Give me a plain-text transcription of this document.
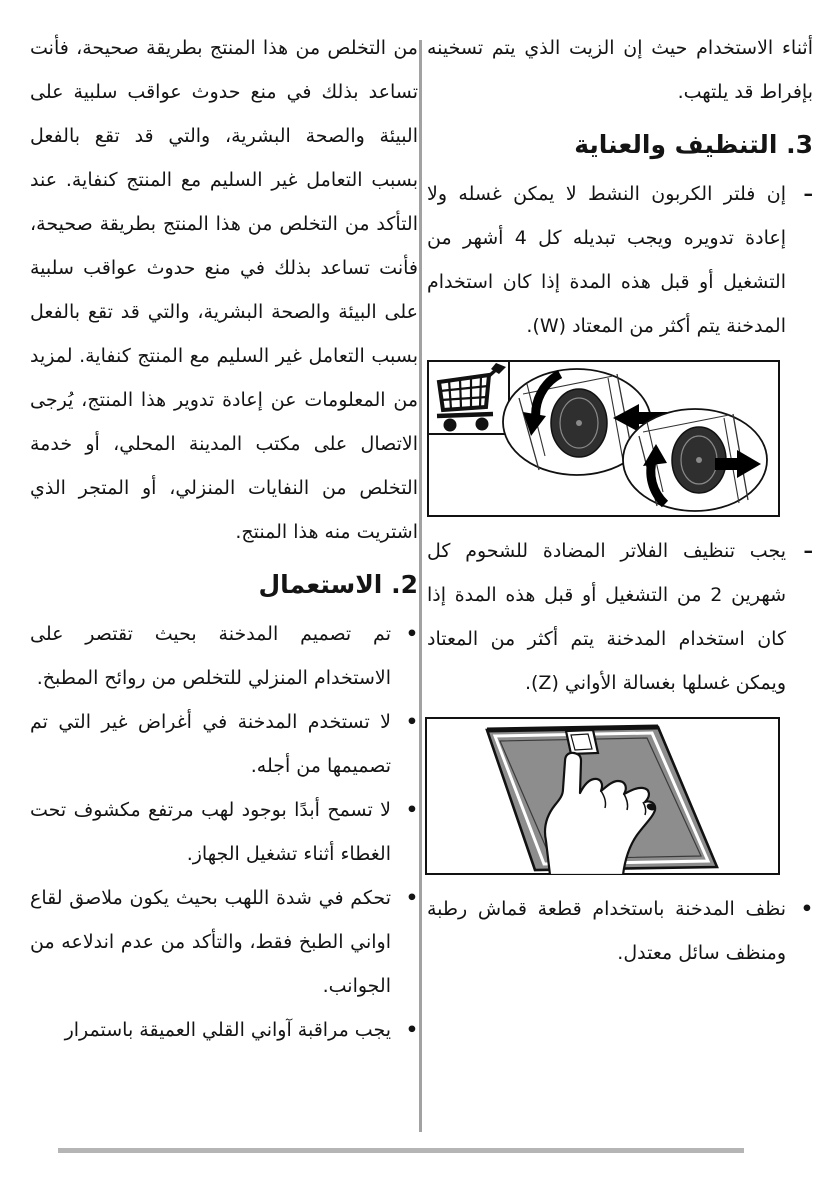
أثناء الاستخدام حيث إن الزيت الذي يتم تسخينه بإفراط قد يلتهب.

3. التنظيف والعناية
–
إن فلتر الكربون النشط لا يمكن غسله ولا إعادة تدويره ويجب تبديله كل 4 أشهر من التشغيل أو قبل هذه المدة إذا كان استخدام المدخنة يتم أكثر من المعتاد (W).
–
يجب تنظيف الفلاتر المضادة للشحوم كل شهرين 2 من التشغيل أو قبل هذه المدة إذا كان استخدام المدخنة يتم أكثر من المعتاد ويمكن غسلها بغسالة الأواني (Z).
•
نظف المدخنة باستخدام قطعة قماش رطبة ومنظف سائل معتدل.

من التخلص من هذا المنتج بطريقة صحيحة، فأنت تساعد بذلك في منع حدوث عواقب سلبية على البيئة والصحة البشرية، والتي قد تقع بالفعل بسبب التعامل غير السليم مع المنتج كنفاية. عند التأكد من التخلص من هذا المنتج بطريقة صحيحة، فأنت تساعد بذلك في منع حدوث عواقب سلبية على البيئة والصحة البشرية، والتي قد تقع بالفعل بسبب التعامل غير السليم مع المنتج كنفاية. لمزيد من المعلومات عن إعادة تدوير هذا المنتج، يُرجى الاتصال على مكتب المدينة المحلي، أو خدمة التخلص من النفايات المنزلي، أو المتجر الذي اشتريت منه هذا المنتج.

2. الاستعمال
•
تم تصميم المدخنة بحيث تقتصر على الاستخدام المنزلي للتخلص من روائح المطبخ.
•
لا تستخدم المدخنة في أغراض غير التي تم تصميمها من أجله.
•
لا تسمح أبدًا بوجود لهب مرتفع مكشوف تحت الغطاء أثناء تشغيل الجهاز.
•
تحكم في شدة اللهب بحيث يكون ملاصق لقاع اواني الطبخ فقط، والتأكد من عدم اندلاعه من الجوانب.
•
يجب مراقبة آواني القلي العميقة باستمرار
